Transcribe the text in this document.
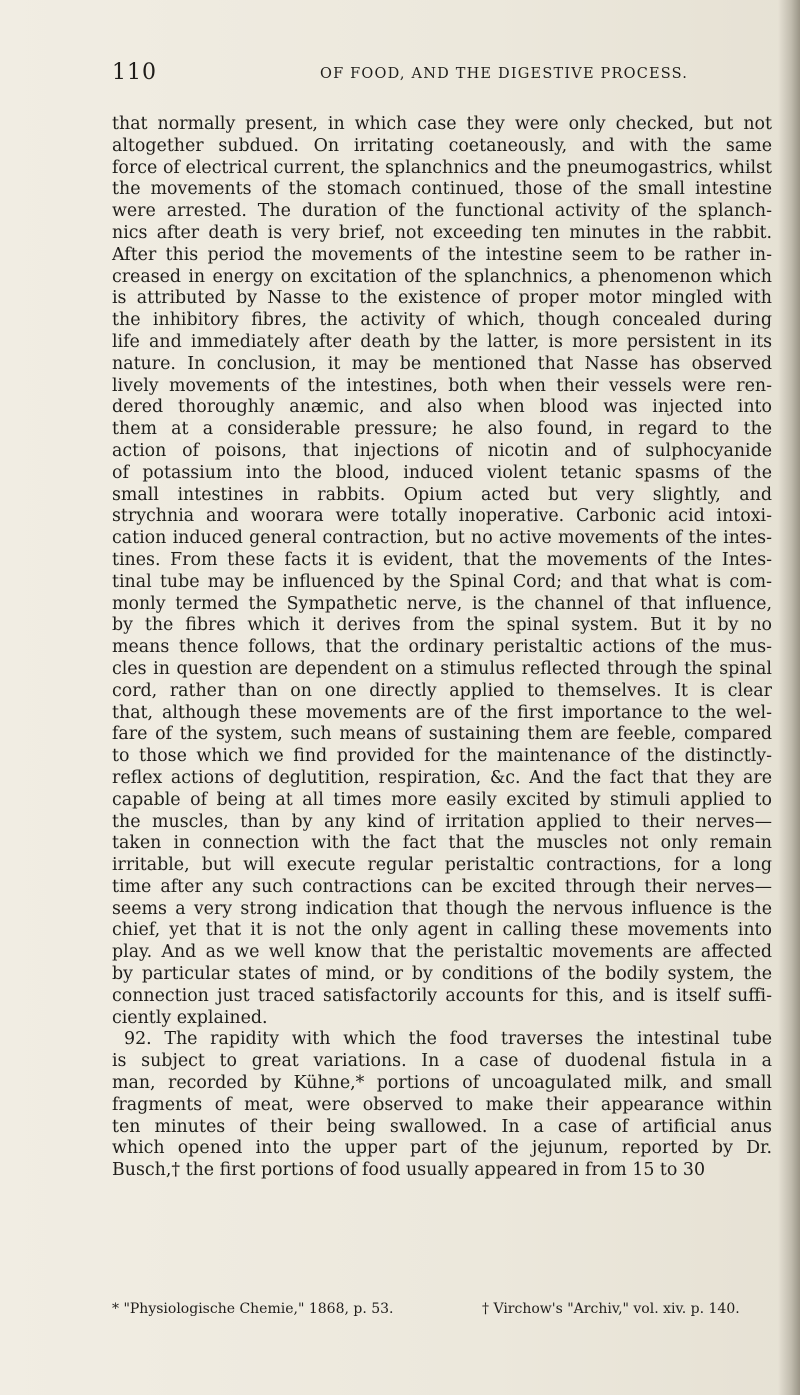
110	OF FOOD, AND THE DIGESTIVE PROCESS.
that normally present, in which case they were only checked, but not
altogether subdued. On irritating coetaneously, and with the same
force of electrical current, the splanchnics and the pneumogastrics, whilst
the movements of the stomach continued, those of the small intestine
were arrested. The duration of the functional activity of the splanch-
nics after death is very brief, not exceeding ten minutes in the rabbit.
After this period the movements of the intestine seem to be rather in-
creased in energy on excitation of the splanchnics, a phenomenon which
is attributed by Nasse to the existence of proper motor mingled with
the inhibitory fibres, the activity of which, though concealed during
life and immediately after death by the latter, is more persistent in its
nature. In conclusion, it may be mentioned that Nasse has observed
lively movements of the intestines, both when their vessels were ren-
dered thoroughly anæmic, and also when blood was injected into
them at a considerable pressure; he also found, in regard to the
action of poisons, that injections of nicotin and of sulphocyanide
of potassium into the blood, induced violent tetanic spasms of the
small intestines in rabbits. Opium acted but very slightly, and
strychnia and woorara were totally inoperative. Carbonic acid intoxi-
cation induced general contraction, but no active movements of the intes-
tines. From these facts it is evident, that the movements of the Intes-
tinal tube may be influenced by the Spinal Cord; and that what is com-
monly termed the Sympathetic nerve, is the channel of that influence,
by the fibres which it derives from the spinal system. But it by no
means thence follows, that the ordinary peristaltic actions of the mus-
cles in question are dependent on a stimulus reflected through the spinal
cord, rather than on one directly applied to themselves. It is clear
that, although these movements are of the first importance to the wel-
fare of the system, such means of sustaining them are feeble, compared
to those which we find provided for the maintenance of the distinctly-
reflex actions of deglutition, respiration, &c. And the fact that they are
capable of being at all times more easily excited by stimuli applied to
the muscles, than by any kind of irritation applied to their nerves—
taken in connection with the fact that the muscles not only remain
irritable, but will execute regular peristaltic contractions, for a long
time after any such contractions can be excited through their nerves—
seems a very strong indication that though the nervous influence is the
chief, yet that it is not the only agent in calling these movements into
play. And as we well know that the peristaltic movements are affected
by particular states of mind, or by conditions of the bodily system, the
connection just traced satisfactorily accounts for this, and is itself suffi-
ciently explained.
92. The rapidity with which the food traverses the intestinal tube
is subject to great variations. In a case of duodenal fistula in a
man, recorded by Kühne,* portions of uncoagulated milk, and small
fragments of meat, were observed to make their appearance within
ten minutes of their being swallowed. In a case of artificial anus
which opened into the upper part of the jejunum, reported by Dr.
Busch,† the first portions of food usually appeared in from 15 to 30
* "Physiologische Chemie," 1868, p. 53.	† Virchow's "Archiv," vol. xiv. p. 140.
